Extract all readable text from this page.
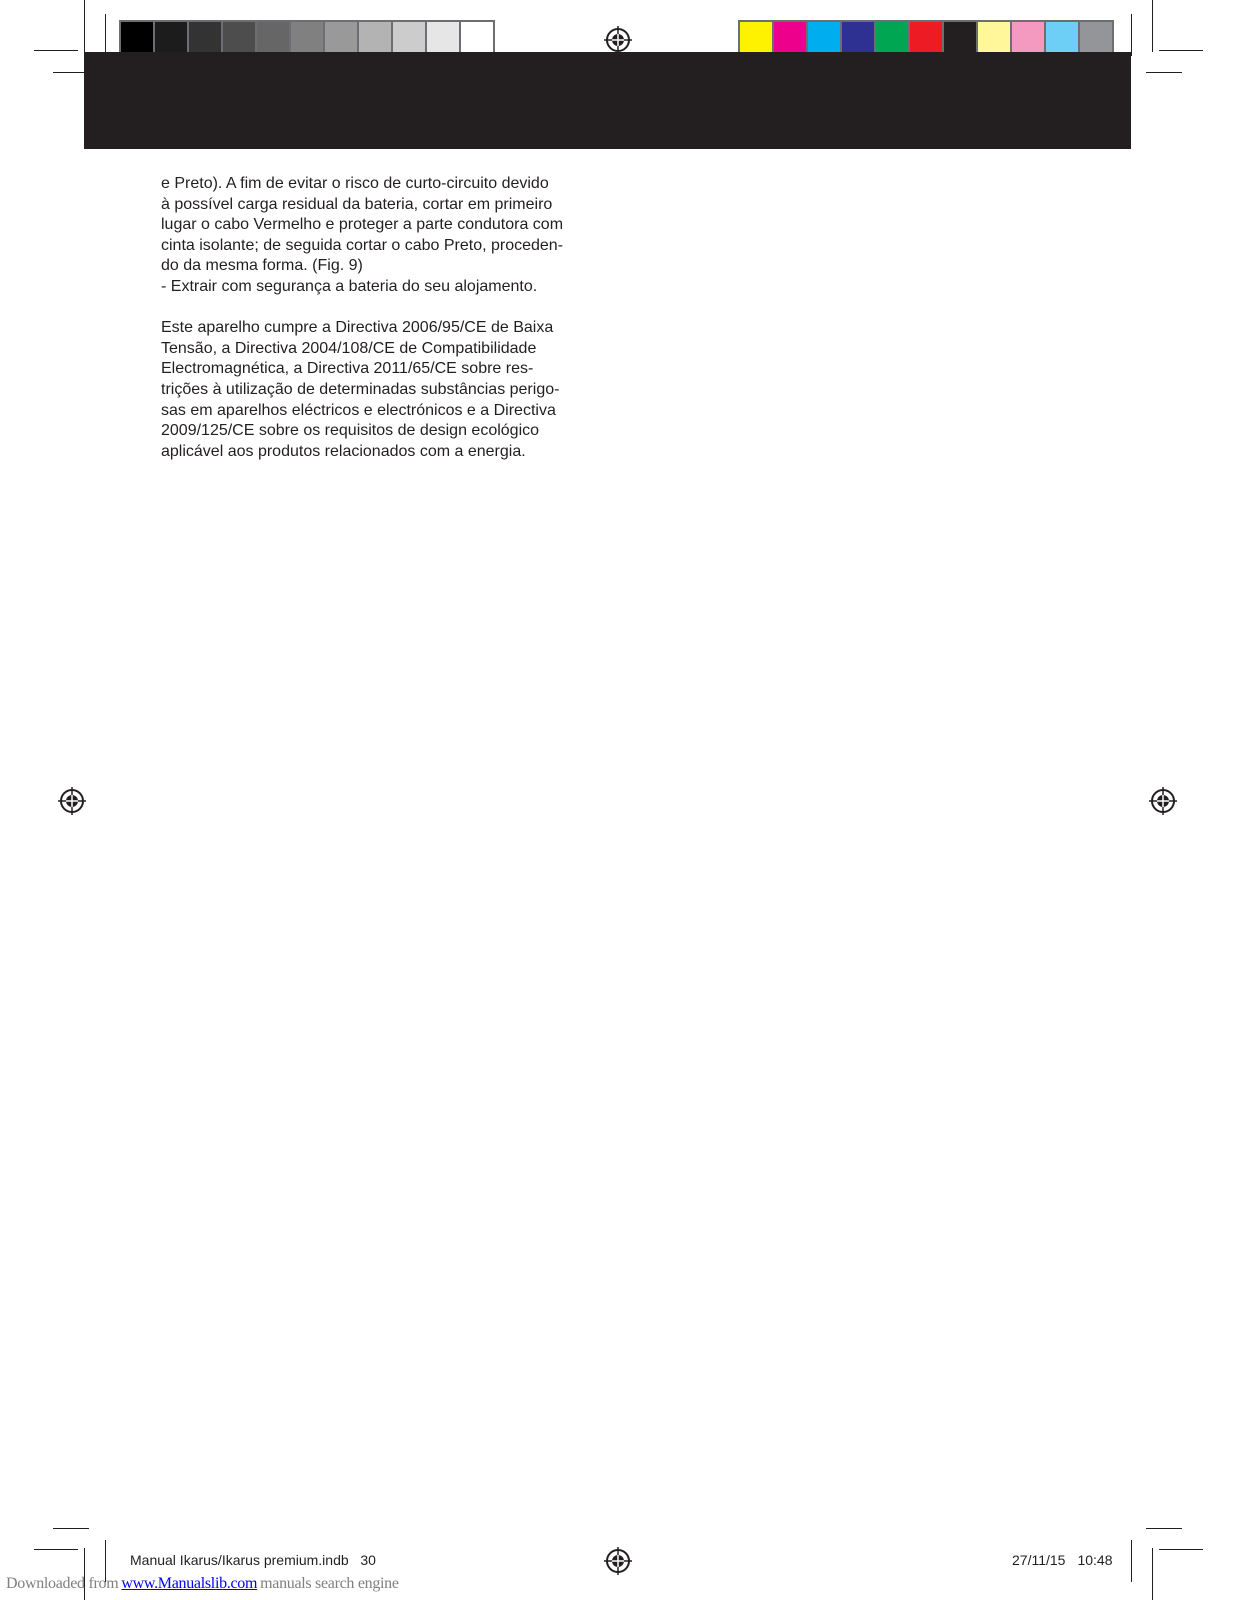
e Preto). A fim de evitar o risco de curto-circuito devido
à possível carga residual da bateria, cortar em primeiro
lugar o cabo Vermelho e proteger a parte condutora com
cinta isolante; de seguida cortar o cabo Preto, proceden-
do da mesma forma. (Fig. 9)
- Extrair com segurança a bateria do seu alojamento.

Este aparelho cumpre a Directiva 2006/95/CE de Baixa
Tensão, a Directiva 2004/108/CE de Compatibilidade
Electromagnética, a Directiva 2011/65/CE sobre res-
trições à utilização de determinadas substâncias perigo-
sas em aparelhos eléctricos e electrónicos e a Directiva
2009/125/CE sobre os requisitos de design ecológico
aplicável aos produtos relacionados com a energia.

Manual Ikarus/Ikarus premium.indb   30	27/11/15 10:48
Downloaded from www.Manualslib.com manuals search engine
